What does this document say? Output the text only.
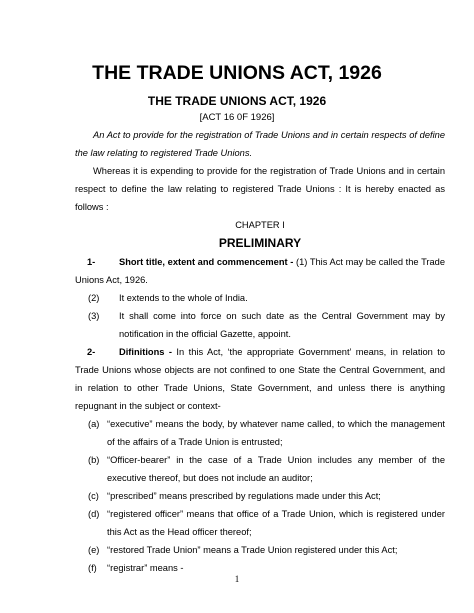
THE TRADE UNIONS ACT, 1926
THE TRADE UNIONS ACT, 1926
[ACT 16 0F 1926]

An Act to provide for the registration of Trade Unions and in certain respects of define the law relating to registered Trade Unions.

Whereas it is expending to provide for the registration of Trade Unions and in certain respect to define the law relating to registered Trade Unions : It is hereby enacted as follows :

CHAPTER I

PRELIMINARY

1-	Short title, extent and commencement - (1) This Act may be called the Trade Unions Act, 1926.

(2)	It extends to the whole of India.
(3)	It shall come into force on such date as the Central Government may by notification in the official Gazette, appoint.

2-	Difinitions - In this Act, ‘the appropriate Government’ means, in relation to Trade Unions whose objects are not confined to one State the Central Government, and in relation to other Trade Unions, State Government, and unless there is anything repugnant in the subject or context-

(a) “executive” means the body, by whatever name called, to which the management of the affairs of a Trade Union is entrusted;
(b) “Officer-bearer” in the case of a Trade Union includes any member of the executive thereof, but does not include an auditor;
(c) “prescribed” means prescribed by regulations made under this Act;
(d) “registered officer” means that office of a Trade Union, which is registered under this Act as the Head officer thereof;
(e) “restored Trade Union” means a Trade Union registered under this Act;
(f)	“registrar” means -
1
